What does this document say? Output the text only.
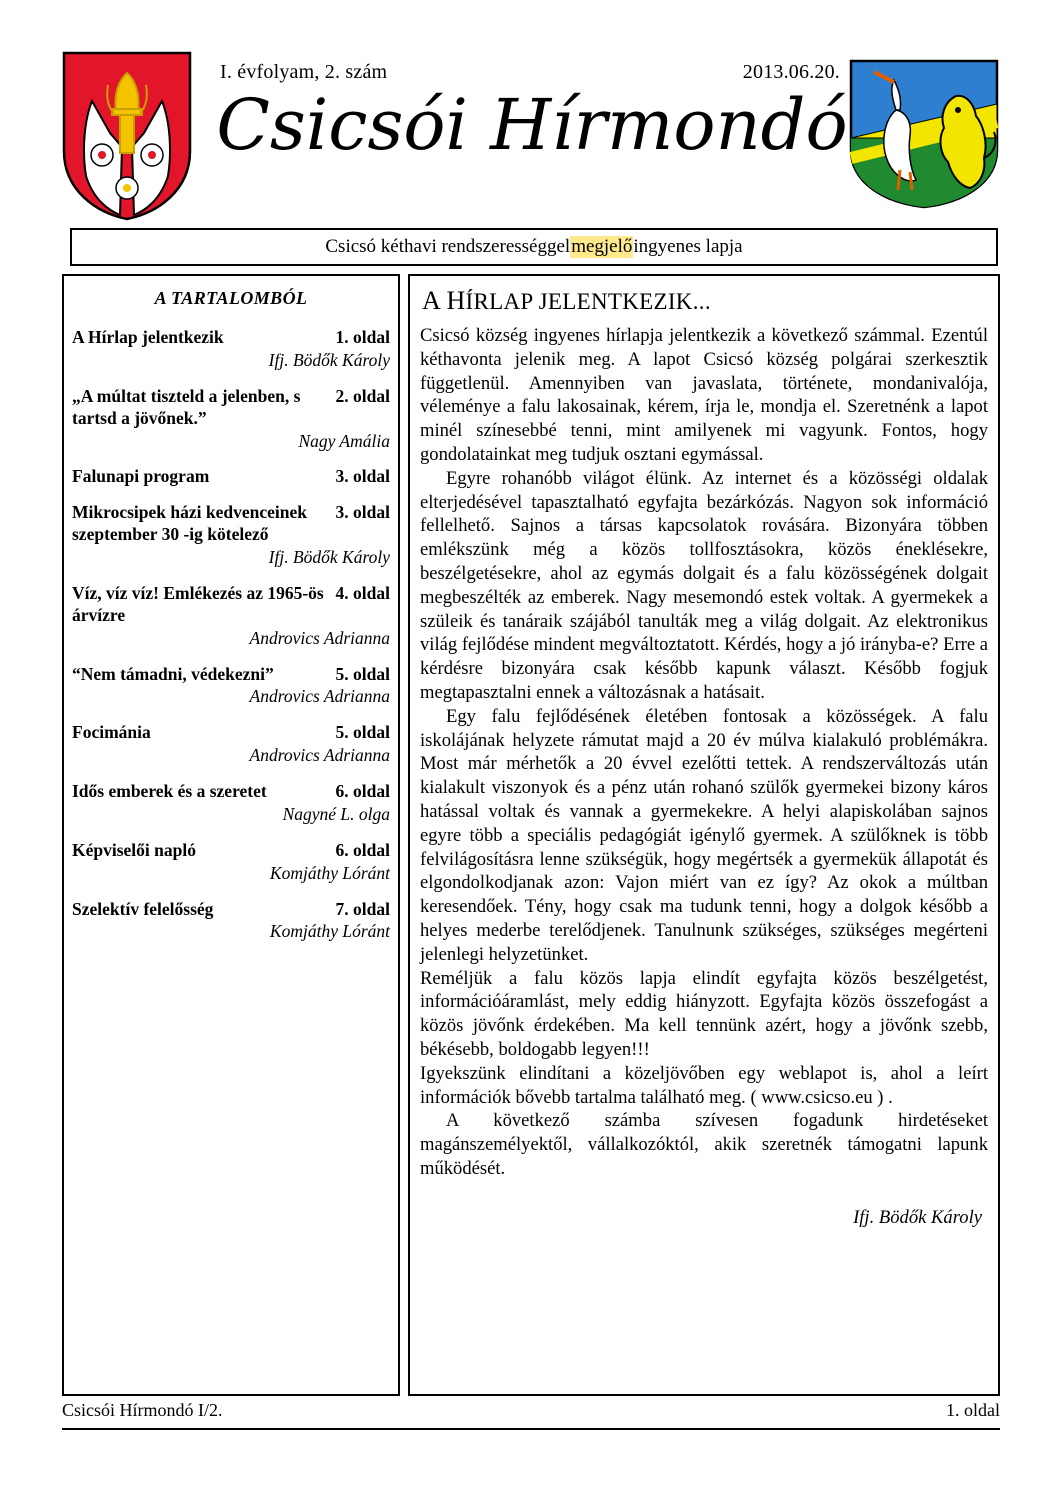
I. évfolyam, 2. szám	2013.06.20.
Csicsói Hírmondó
Csicsó kéthavi rendszerességgel megjelő ingyenes lapja
A TARTALOMBÓL
1. oldal
A Hírlap jelentkezik
Ifj. Bödők Károly
2. oldal
„A múltat tiszteld a jelenben, s tartsd a jövőnek.”
Nagy Amália
3. oldal
Falunapi program
3. oldal
Mikrocsipek házi kedvenceinek szeptember 30 -ig kötelező
Ifj. Bödők Károly
4. oldal
Víz, víz víz! Emlékezés az 1965-ös árvízre
Androvics Adrianna
5. oldal
“Nem támadni, védekezni”
Androvics Adrianna
5. oldal
Focimánia
Androvics Adrianna
6. oldal
Idős emberek és a szeretet
Nagyné L. olga
6. oldal
Képviselői napló
Komjáthy Lóránt
7. oldal
Szelektív felelősség
Komjáthy Lóránt
A HÍRLAP JELENTKEZIK...

Csicsó község ingyenes hírlapja jelentkezik a következő számmal. Ezentúl kéthavonta jelenik meg. A lapot Csicsó község polgárai szerkesztik függetlenül. Amennyiben van javaslata, története, mondanivalója, véleménye a falu lakosainak, kérem, írja le, mondja el. Szeretnénk a lapot minél színesebbé tenni, mint amilyenek mi vagyunk. Fontos, hogy gondolatainkat meg tudjuk osztani egymással.

Egyre rohanóbb világot élünk. Az internet és a közösségi oldalak elterjedésével tapasztalható egyfajta bezárkózás. Nagyon sok információ fellelhető. Sajnos a társas kapcsolatok rovására. Bizonyára többen emlékszünk még a közös tollfosztásokra, közös éneklésekre, beszélgetésekre, ahol az egymás dolgait és a falu közösségének dolgait megbeszélték az emberek. Nagy mesemondó estek voltak. A gyermekek a szüleik és tanáraik szájából tanulták meg a világ dolgait. Az elektronikus világ fejlődése mindent megváltoztatott. Kérdés, hogy a jó irányba-e? Erre a kérdésre bizonyára csak később kapunk választ. Később fogjuk megtapasztalni ennek a változásnak a hatásait.

Egy falu fejlődésének életében fontosak a közösségek. A falu iskolájának helyzete rámutat majd a 20 év múlva kialakuló problémákra. Most már mérhetők a 20 évvel ezelőtti tettek. A rendszerváltozás után kialakult viszonyok és a pénz után rohanó szülők gyermekei bizony káros hatással voltak és vannak a gyermekekre. A helyi alapiskolában sajnos egyre több a speciális pedagógiát igénylő gyermek. A szülőknek is több felvilágosításra lenne szükségük, hogy megértsék a gyermekük állapotát és elgondolkodjanak azon: Vajon miért van ez így? Az okok a múltban keresendőek. Tény, hogy csak ma tudunk tenni, hogy a dolgok később a helyes mederbe terelődjenek. Tanulnunk szükséges, szükséges megérteni jelenlegi helyzetünket.

Reméljük a falu közös lapja elindít egyfajta közös beszélgetést, információáramlást, mely eddig hiányzott. Egyfajta közös összefogást a közös jövőnk érdekében. Ma kell tennünk azért, hogy a jövőnk szebb, békésebb, boldogabb legyen!!!

Igyekszünk elindítani a közeljövőben egy weblapot is, ahol a leírt információk bővebb tartalma található meg. ( www.csicso.eu ) .

A következő számba szívesen fogadunk hirdetéseket magánszemélyektől, vállalkozóktól, akik szeretnék támogatni lapunk működését.

Ifj. Bödők Károly
Csicsói Hírmondó I/2.	1. oldal
